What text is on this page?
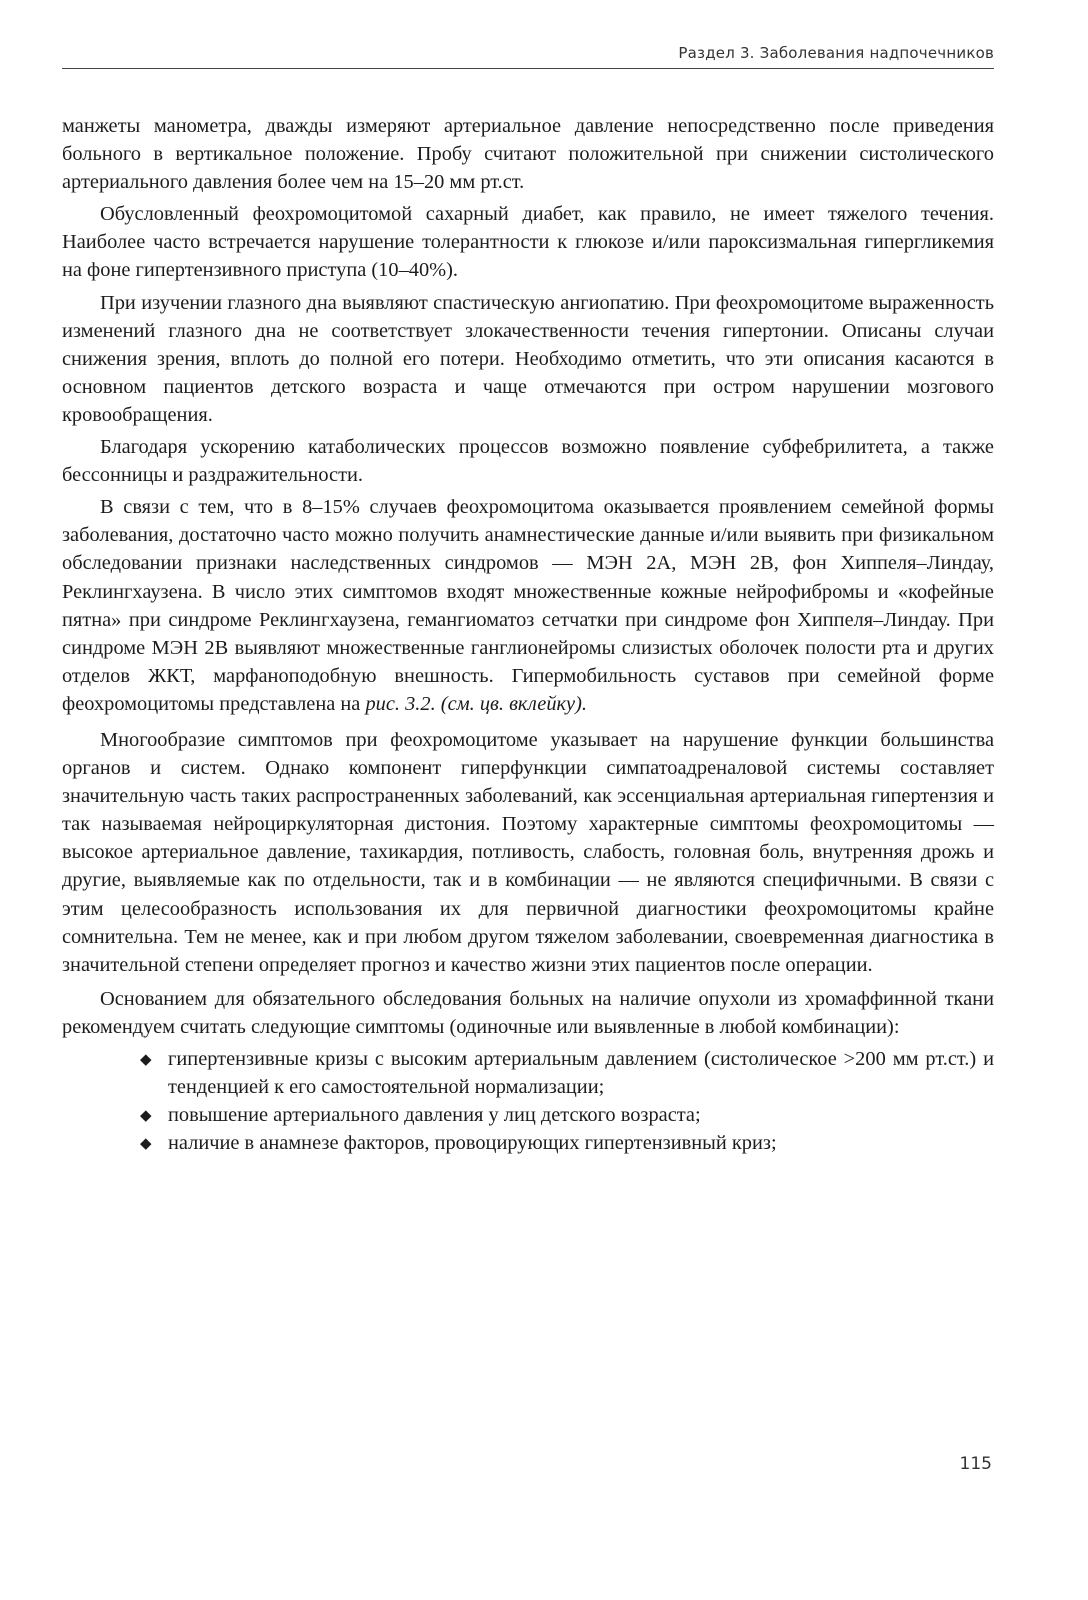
Раздел 3. Заболевания надпочечников

манжеты манометра, дважды измеряют артериальное давление непосредственно после приведения больного в вертикальное положение. Пробу считают положительной при снижении систолического артериального давления более чем на 15–20 мм рт.ст.

Обусловленный феохромоцитомой сахарный диабет, как правило, не имеет тяжелого течения. Наиболее часто встречается нарушение толерантности к глюкозе и/или пароксизмальная гипергликемия на фоне гипертензивного приступа (10–40%).

При изучении глазного дна выявляют спастическую ангиопатию. При феохромоцитоме выраженность изменений глазного дна не соответствует злокачественности течения гипертонии. Описаны случаи снижения зрения, вплоть до полной его потери. Необходимо отметить, что эти описания касаются в основном пациентов детского возраста и чаще отмечаются при остром нарушении мозгового кровообращения.

Благодаря ускорению катаболических процессов возможно появление субфебрилитета, а также бессонницы и раздражительности.

В связи с тем, что в 8–15% случаев феохромоцитома оказывается проявлением семейной формы заболевания, достаточно часто можно получить анамнестические данные и/или выявить при физикальном обследовании признаки наследственных синдромов — МЭН 2А, МЭН 2В, фон Хиппеля–Линдау, Реклингхаузена. В число этих симптомов входят множественные кожные нейрофибромы и «кофейные пятна» при синдроме Реклингхаузена, гемангиоматоз сетчатки при синдроме фон Хиппеля–Линдау. При синдроме МЭН 2В выявляют множественные ганглионейромы слизистых оболочек полости рта и других отделов ЖКТ, марфаноподобную внешность. Гипермобильность суставов при семейной форме феохромоцитомы представлена на рис. 3.2. (см. цв. вклейку).

Многообразие симптомов при феохромоцитоме указывает на нарушение функции большинства органов и систем. Однако компонент гиперфункции симпатоадреналовой системы составляет значительную часть таких распространенных заболеваний, как эссенциальная артериальная гипертензия и так называемая нейроциркуляторная дистония. Поэтому характерные симптомы феохромоцитомы — высокое артериальное давление, тахикардия, потливость, слабость, головная боль, внутренняя дрожь и другие, выявляемые как по отдельности, так и в комбинации — не являются специфичными. В связи с этим целесообразность использования их для первичной диагностики феохромоцитомы крайне сомнительна. Тем не менее, как и при любом другом тяжелом заболевании, своевременная диагностика в значительной степени определяет прогноз и качество жизни этих пациентов после операции.

Основанием для обязательного обследования больных на наличие опухоли из хромаффинной ткани рекомендуем считать следующие симптомы (одиночные или выявленные в любой комбинации):

◆ гипертензивные кризы с высоким артериальным давлением (систолическое >200 мм рт.ст.) и тенденцией к его самостоятельной нормализации;
◆ повышение артериального давления у лиц детского возраста;
◆ наличие в анамнезе факторов, провоцирующих гипертензивный криз;
115
